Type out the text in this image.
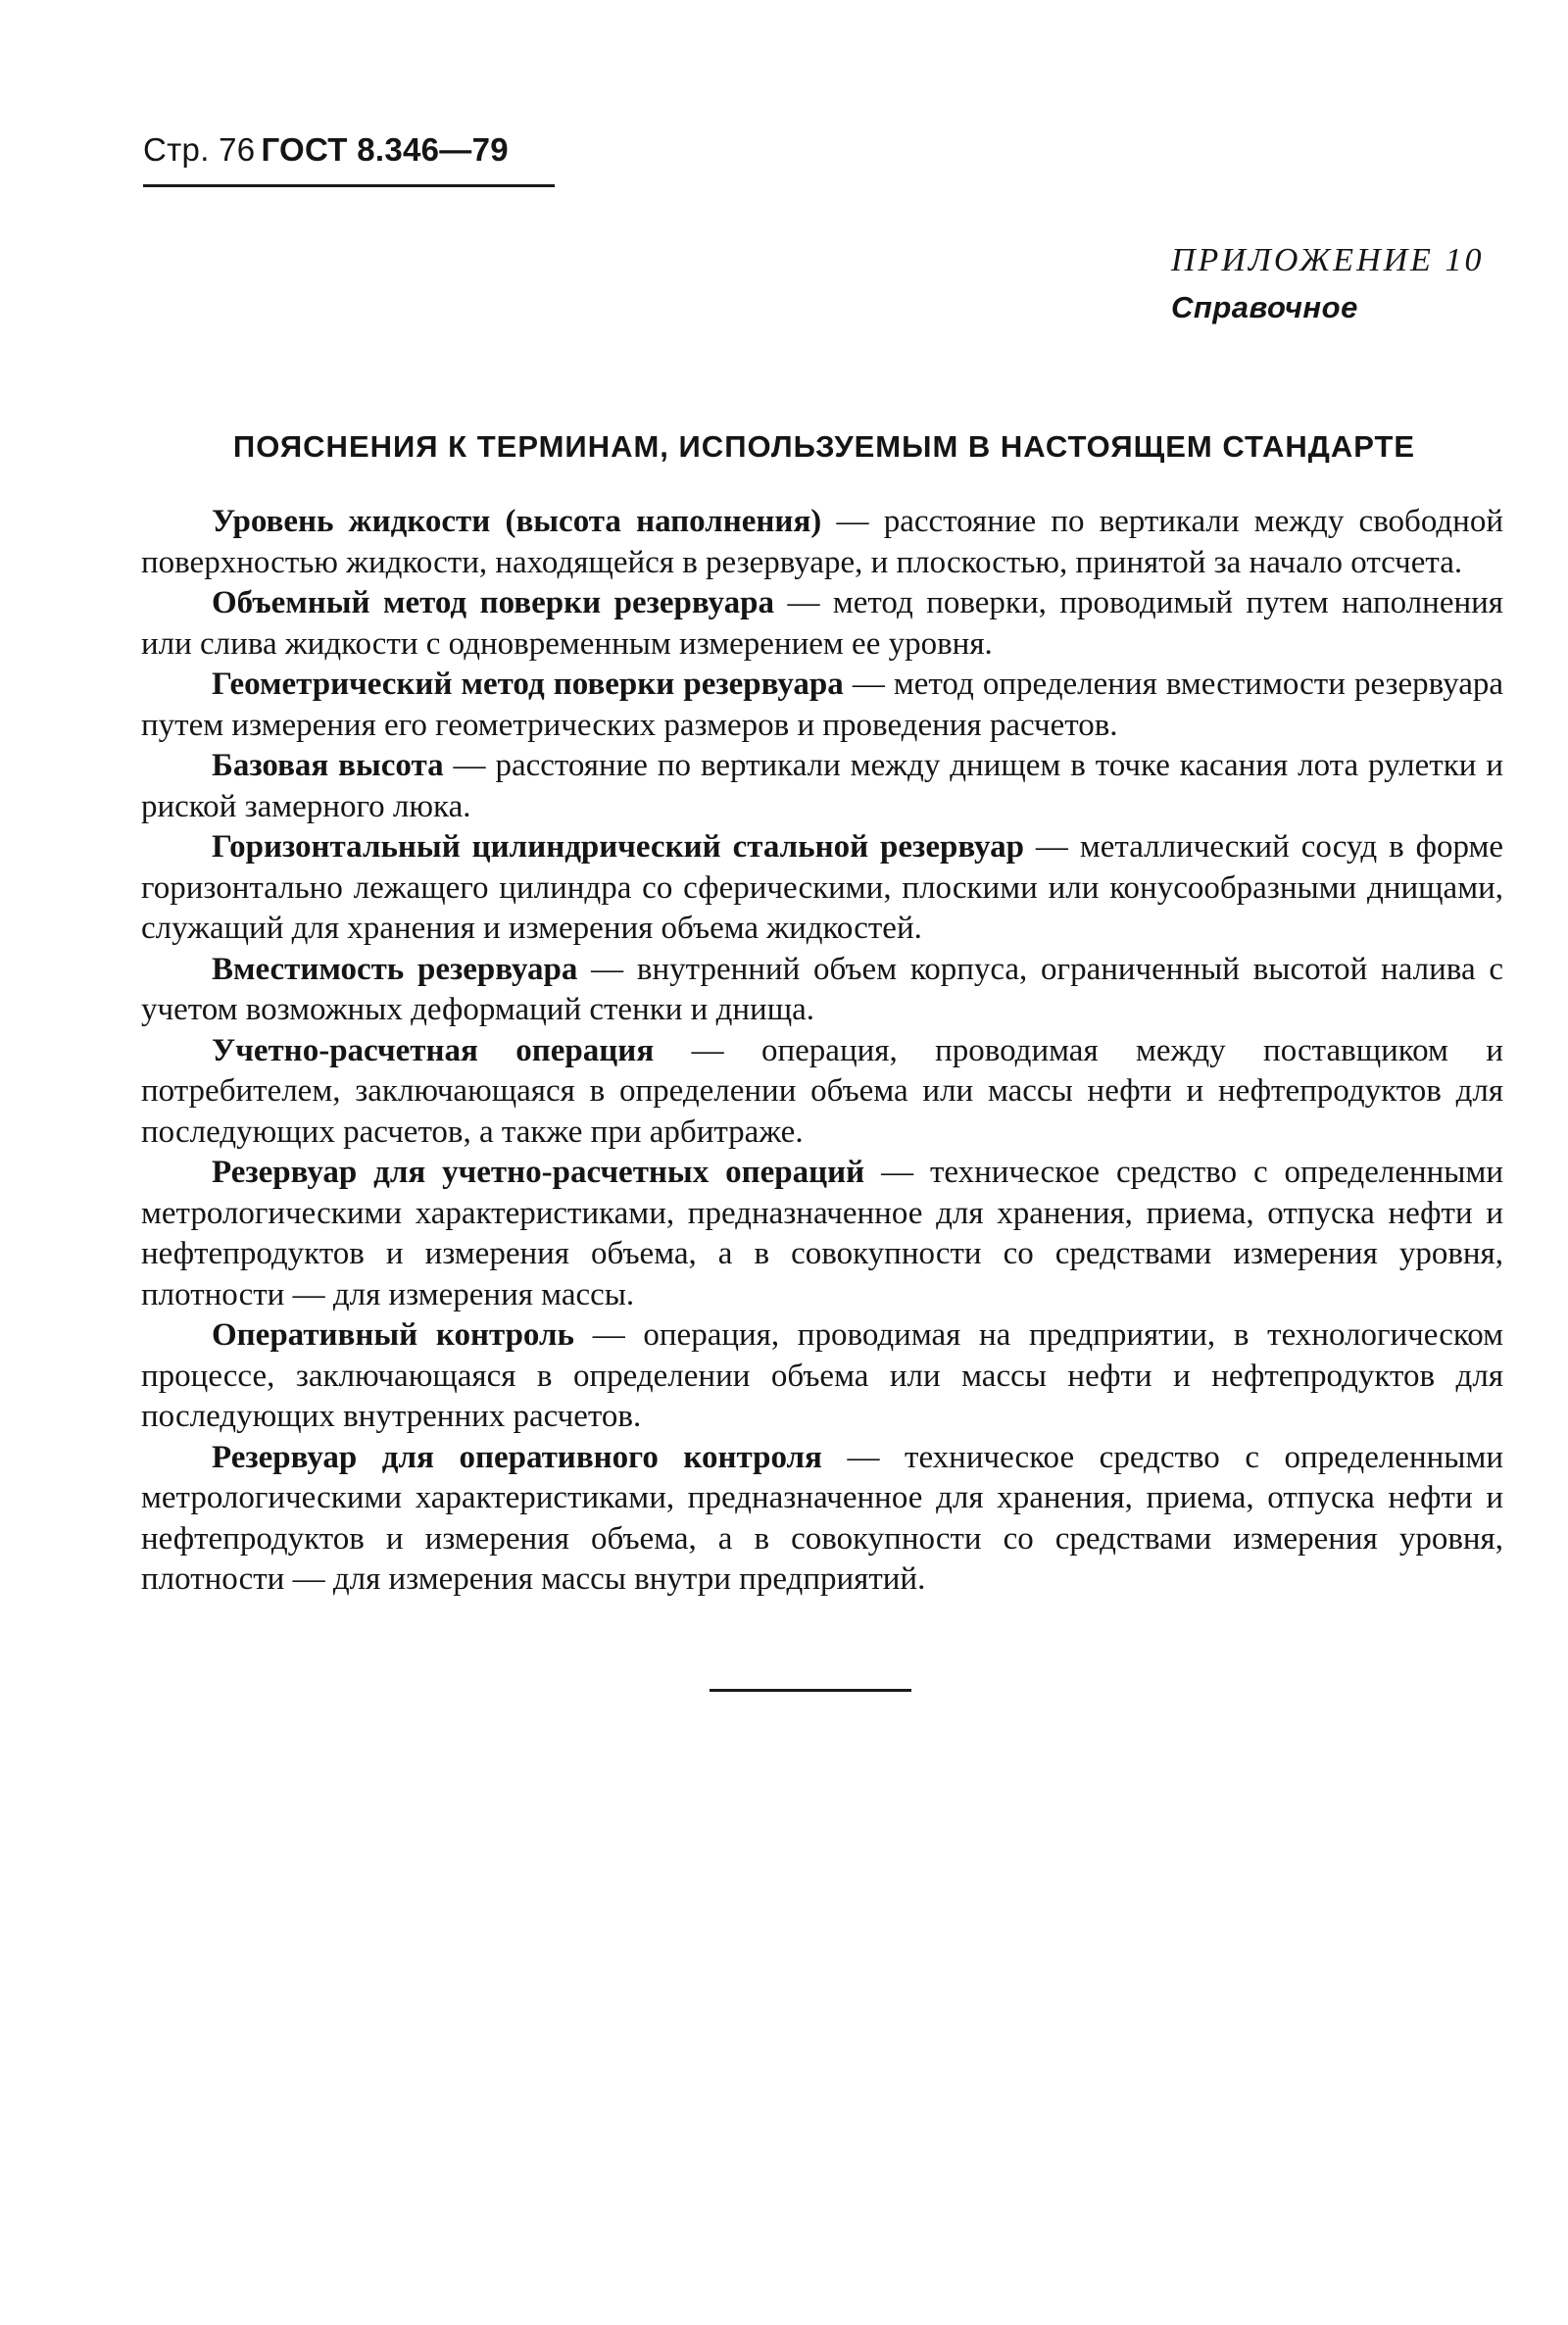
Стр. 76 ГОСТ 8.346—79
ПРИЛОЖЕНИЕ 10
Справочное
ПОЯСНЕНИЯ К ТЕРМИНАМ, ИСПОЛЬЗУЕМЫМ В НАСТОЯЩЕМ СТАНДАРТЕ

Уровень жидкости (высота наполнения) — расстояние по вертикали между свободной поверхностью жидкости, находящейся в резервуаре, и плоскостью, принятой за начало отсчета.

Объемный метод поверки резервуара — метод поверки, проводимый путем наполнения или слива жидкости с одновременным измерением ее уровня.

Геометрический метод поверки резервуара — метод определения вместимости резервуара путем измерения его геометрических размеров и проведения расчетов.

Базовая высота — расстояние по вертикали между днищем в точке касания лота рулетки и риской замерного люка.

Горизонтальный цилиндрический стальной резервуар — металлический сосуд в форме горизонтально лежащего цилиндра со сферическими, плоскими или конусообразными днищами, служащий для хранения и измерения объема жидкостей.

Вместимость резервуара — внутренний объем корпуса, ограниченный высотой налива с учетом возможных деформаций стенки и днища.

Учетно-расчетная операция — операция, проводимая между поставщиком и потребителем, заключающаяся в определении объема или массы нефти и нефтепродуктов для последующих расчетов, а также при арбитраже.

Резервуар для учетно-расчетных операций — техническое средство с определенными метрологическими характеристиками, предназначенное для хранения, приема, отпуска нефти и нефтепродуктов и измерения объема, а в совокупности со средствами измерения уровня, плотности — для измерения массы.

Оперативный контроль — операция, проводимая на предприятии, в технологическом процессе, заключающаяся в определении объема или массы нефти и нефтепродуктов для последующих внутренних расчетов.

Резервуар для оперативного контроля — техническое средство с определенными метрологическими характеристиками, предназначенное для хранения, приема, отпуска нефти и нефтепродуктов и измерения объема, а в совокупности со средствами измерения уровня, плотности — для измерения массы внутри предприятий.
